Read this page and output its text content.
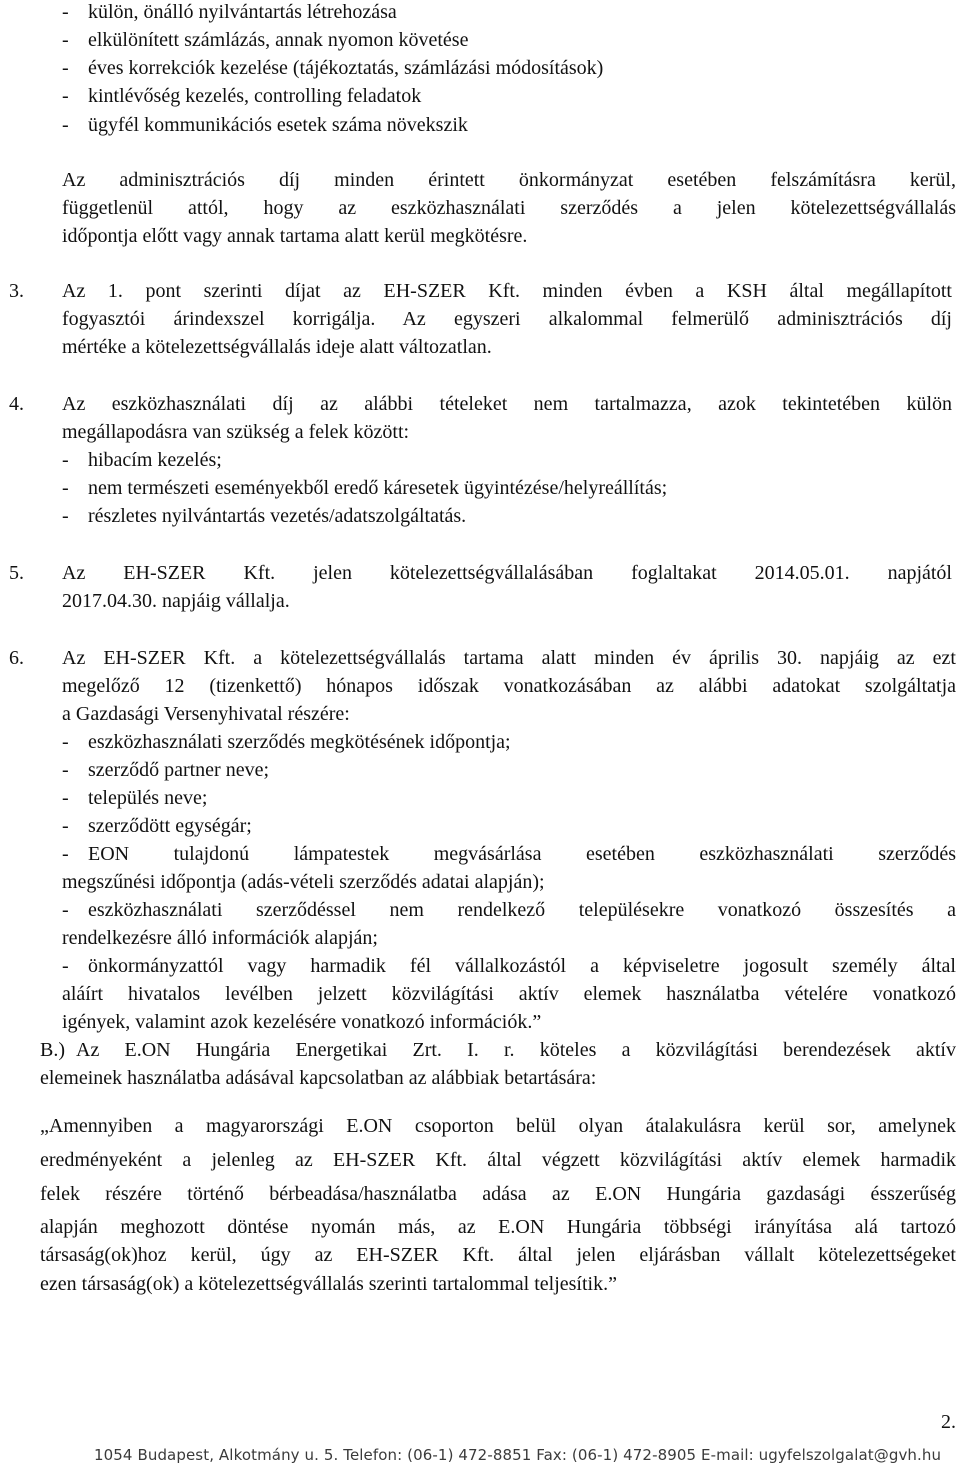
- külön, önálló nyilvántartás létrehozása
- elkülönített számlázás, annak nyomon követése
- éves korrekciók kezelése (tájékoztatás, számlázási módosítások)
- kintlévőség kezelés, controlling feladatok
- ügyfél kommunikációs esetek száma növekszik
Az adminisztrációs díj minden érintett önkormányzat esetében felszámításra kerül,
függetlenül attól, hogy az eszközhasználati szerződés a jelen kötelezettségvállalás
időpontja előtt vagy annak tartama alatt kerül megkötésre.
3. Az 1. pont szerinti díjat az EH-SZER Kft. minden évben a KSH által megállapított
fogyasztói árindexszel korrigálja. Az egyszeri alkalommal felmerülő adminisztrációs díj
mértéke a kötelezettségvállalás ideje alatt változatlan.
4. Az eszközhasználati díj az alábbi tételeket nem tartalmazza, azok tekintetében külön
megállapodásra van szükség a felek között:
- hibacím kezelés;
- nem természeti eseményekből eredő káresetek ügyintézése/helyreállítás;
- részletes nyilvántartás vezetés/adatszolgáltatás.
5. Az EH-SZER Kft. jelen kötelezettségvállalásában foglaltakat 2014.05.01. napjától
2017.04.30. napjáig vállalja.
6. Az EH-SZER Kft. a kötelezettségvállalás tartama alatt minden év április 30. napjáig az ezt
megelőző 12 (tizenkettő) hónapos időszak vonatkozásában az alábbi adatokat szolgáltatja
a Gazdasági Versenyhivatal részére:
- eszközhasználati szerződés megkötésének időpontja;
- szerződő partner neve;
- település neve;
- szerződött egységár;
- EON tulajdonú lámpatestek megvásárlása esetében eszközhasználati szerződés
megszűnési időpontja (adás-vételi szerződés adatai alapján);
- eszközhasználati szerződéssel nem rendelkező településekre vonatkozó összesítés a
rendelkezésre álló információk alapján;
- önkormányzattól vagy harmadik fél vállalkozástól a képviseletre jogosult személy által
aláírt hivatalos levélben jelzett közvilágítási aktív elemek használatba vételére vonatkozó
igények, valamint azok kezelésére vonatkozó információk.”
B.) Az E.ON Hungária Energetikai Zrt. I. r. köteles a közvilágítási berendezések aktív
elemeinek használatba adásával kapcsolatban az alábbiak betartására:
„Amennyiben a magyarországi E.ON csoporton belül olyan átalakulásra kerül sor, amelynek
eredményeként a jelenleg az EH-SZER Kft. által végzett közvilágítási aktív elemek harmadik
felek részére történő bérbeadása/használatba adása az E.ON Hungária gazdasági ésszerűség
alapján meghozott döntése nyomán más, az E.ON Hungária többségi irányítása alá tartozó
társaság(ok)hoz kerül, úgy az EH-SZER Kft. által jelen eljárásban vállalt kötelezettségeket
ezen társaság(ok) a kötelezettségvállalás szerinti tartalommal teljesítik.”
2.
1054 Budapest, Alkotmány u. 5. Telefon: (06-1) 472-8851 Fax: (06-1) 472-8905 E-mail: ugyfelszolgalat@gvh.hu
